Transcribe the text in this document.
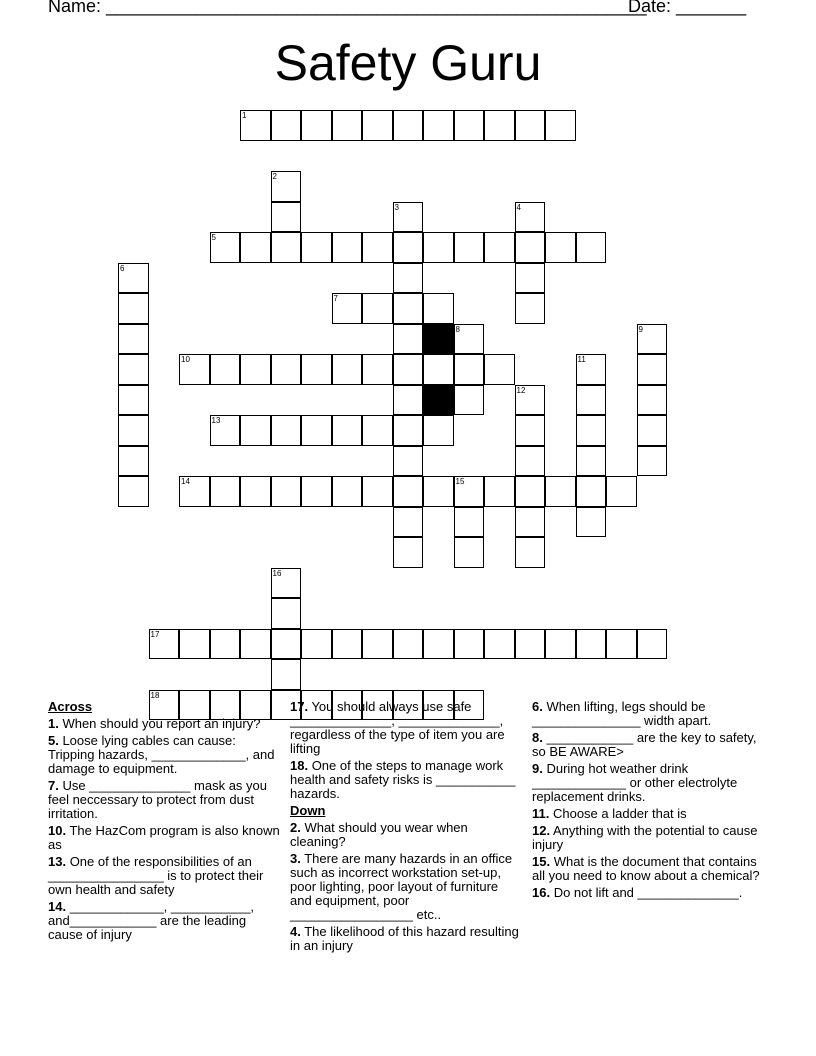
Name: ______________________________________________________
Date: _______
Safety Guru
1
2
3	4
5
6
7
8	9
10	11
12
13
14	15
16
17
18
Across
1. When should you report an injury?
5. Loose lying cables can cause: Tripping hazards, _____________, and damage to equipment.
7. Use ______________ mask as you feel neccessary to protect from dust irritation.
10. The HazCom program is also known as
13. One of the responsibilities of an ________________ is to protect their own health and safety
14. _____________, ___________, and____________ are the leading cause of injury
17. You should always use safe ______________, ______________, regardless of the type of item you are lifting
18. One of the steps to manage work health and safety risks is ___________ hazards.
Down
2. What should you wear when cleaning?
3. There are many hazards in an office such as incorrect workstation set-up, poor lighting, poor layout of furniture and equipment, poor _________________ etc..
4. The likelihood of this hazard resulting in an injury
6. When lifting, legs should be _______________ width apart.
8. ____________ are the key to safety, so BE AWARE>
9. During hot weather drink _____________ or other electrolyte replacement drinks.
11. Choose a ladder that is
12. Anything with the potential to cause injury
15. What is the document that contains all you need to know about a chemical?
16. Do not lift and ______________.
